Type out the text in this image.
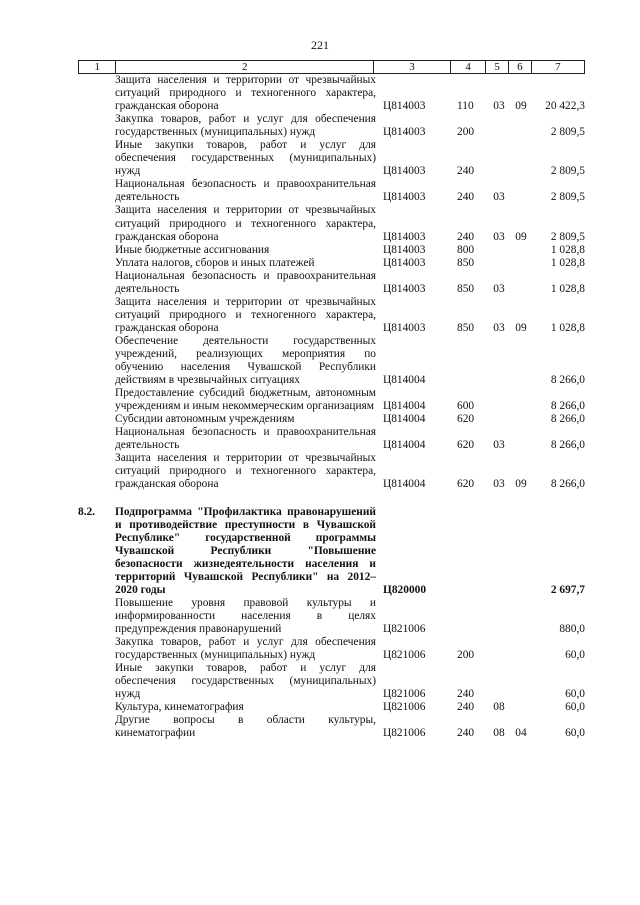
221
1	2	3	4	5	6	7
Защита населения и территории от чрезвычайных ситуаций природного и техногенного характера, гражданская оборона	Ц814003	110	03 09	20 422,3
Закупка товаров, работ и услуг для обеспечения государственных (муниципальных) нужд	Ц814003	200	2 809,5
Иные закупки товаров, работ и услуг для обеспечения государственных (муниципальных) нужд	Ц814003	240	2 809,5
Национальная безопасность и правоохранительная деятельность	Ц814003	240	03	2 809,5
Защита населения и территории от чрезвычайных ситуаций природного и техногенного характера, гражданская оборона	Ц814003	240	03 09	2 809,5
Иные бюджетные ассигнования	Ц814003	800	1 028,8
Уплата налогов, сборов и иных платежей	Ц814003	850	1 028,8
Национальная безопасность и правоохранительная деятельность	Ц814003	850	03	1 028,8
Защита населения и территории от чрезвычайных ситуаций природного и техногенного характера, гражданская оборона	Ц814003	850	03 09	1 028,8
Обеспечение деятельности государственных учреждений, реализующих мероприятия по обучению населения Чувашской Республики действиям в чрезвычайных ситуациях	Ц814004	8 266,0
Предоставление субсидий бюджетным, автономным учреждениям и иным некоммерческим организациям Ц814004	600	8 266,0
Субсидии автономным учреждениям	Ц814004	620	8 266,0
Национальная безопасность и правоохранительная деятельность	Ц814004	620	03	8 266,0
Защита населения и территории от чрезвычайных ситуаций природного и техногенного характера, гражданская оборона	Ц814004	620	03 09	8 266,0
8.2.	Подпрограмма "Профилактика правонарушений и противодействие преступности в Чувашской Республике" государственной программы Чувашской Республики "Повышение безопасности жизнедеятельности населения и территорий Чувашской Республики" на 2012–2020 годы	Ц820000	2 697,7
Повышение уровня правовой культуры и информированности населения в целях предупреждения правонарушений	Ц821006	880,0
Закупка товаров, работ и услуг для обеспечения государственных (муниципальных) нужд	Ц821006	200	60,0
Иные закупки товаров, работ и услуг для обеспечения государственных (муниципальных) нужд	Ц821006	240	60,0
Культура, кинематография	Ц821006	240	08	60,0
Другие вопросы в области культуры, кинематографии	Ц821006	240	08 04	60,0
